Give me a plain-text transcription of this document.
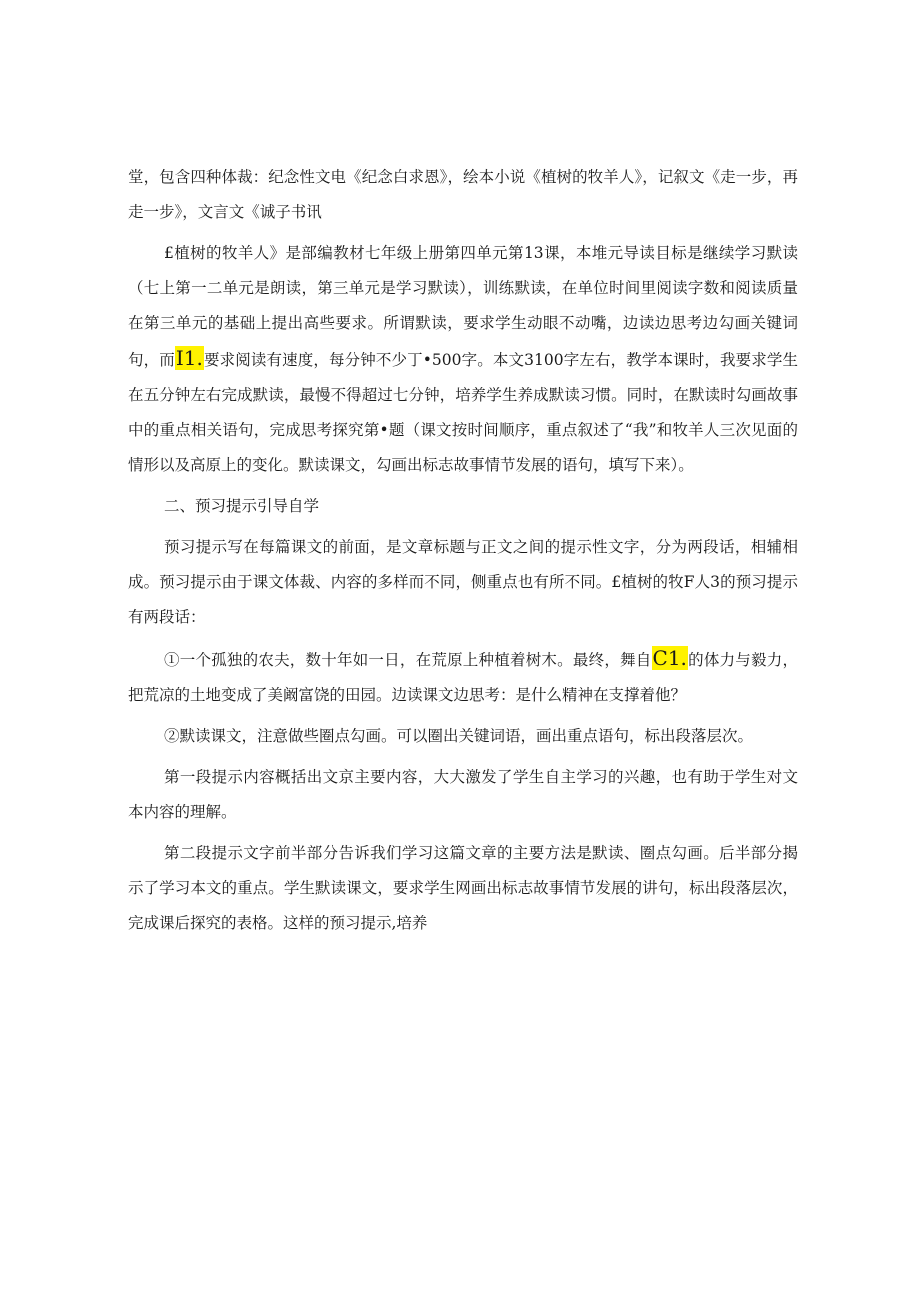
堂，包含四种体裁：纪念性文电《纪念白求恩》，绘本小说《植树的牧羊人》，记叙文《走一步，再走一步》，文言文《诚子书讯

£植树的牧羊人》是部编教材七年级上册第四单元第13课，本堆元导读目标是继续学习默读（七上第一二单元是朗读，第三单元是学习默读），训练默读，在单位时间里阅读字数和阅读质量在第三单元的基础上提出高些要求。所谓默读，要求学生动眼不动嘴，边读边思考边勾画关键词句，而I1.要求阅读有速度，每分钟不少丁•500字。本文3100字左右，教学本课时，我要求学生在五分钟左右完成默读，最慢不得超过七分钟，培养学生养成默读习惯。同时，在默读时勾画故事中的重点相关语句，完成思考探究第•题（课文按时间顺序，重点叙述了“我”和牧羊人三次见面的情形以及高原上的变化。默读课文，勾画出标志故事情节发展的语句，填写下来）。

二、预习提示引导自学

预习提示写在每篇课文的前面，是文章标题与正文之间的提示性文字，分为两段话，相辅相成。预习提示由于课文体裁、内容的多样而不同，侧重点也有所不同。£植树的牧F人3的预习提示有两段话：

①一个孤独的农夫，数十年如一日，在荒原上种植着树木。最终，舞自C1.的体力与毅力，把荒凉的土地变成了美阚富饶的田园。边读课文边思考：是什么精神在支撑着他？

②默读课文，注意做些圈点勾画。可以圈出关键词语，画出重点语句，标出段落层次。

第一段提示内容概括出文京主要内容，大大激发了学生自主学习的兴趣，也有助于学生对文本内容的理解。

第二段提示文字前半部分告诉我们学习这篇文章的主要方法是默读、圈点勾画。后半部分揭示了学习本文的重点。学生默读课文，要求学生网画出标志故事情节发展的讲句，标出段落层次，完成课后探究的表格。这样的预习提示,培养
